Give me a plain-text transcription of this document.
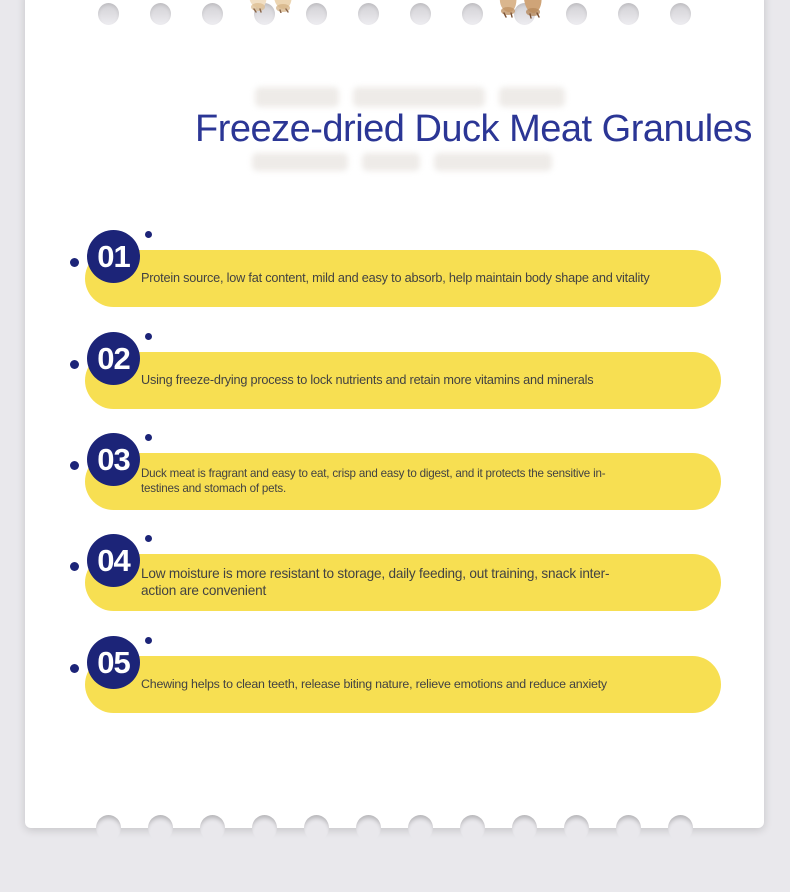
Freeze-dried Duck Meat Granules
Protein source, low fat content, mild and easy to absorb, help maintain body shape and vitality
01
Using freeze-drying process to lock nutrients and retain more vitamins and minerals
02
Duck meat is fragrant and easy to eat, crisp and easy to digest, and it protects the sensitive in-
testines and stomach of pets.
03
Low moisture is more resistant to storage, daily feeding, out training, snack inter-
action are convenient
04
Chewing helps to clean teeth, release biting nature, relieve emotions and reduce anxiety
05
